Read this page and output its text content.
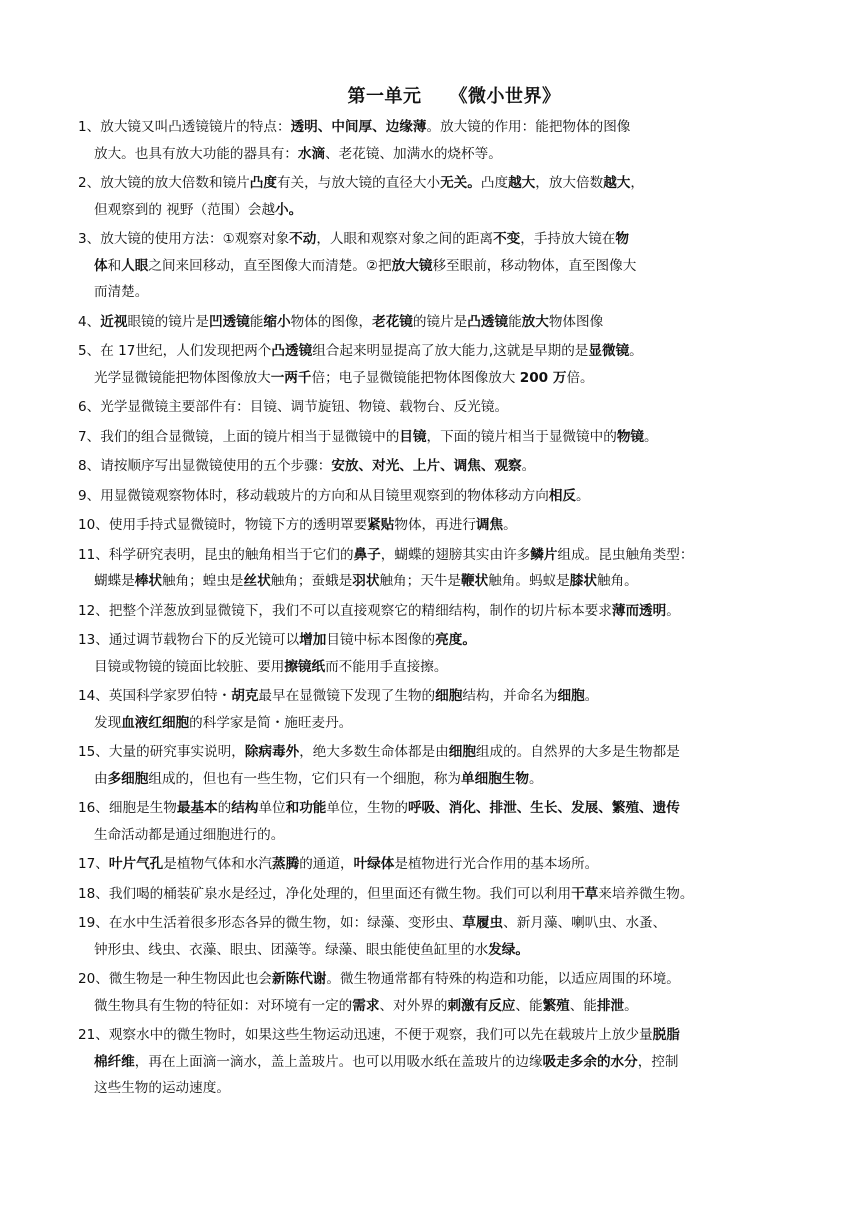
第一单元　　《微小世界》
1、放大镜又叫凸透镜镜片的特点：透明、中间厚、边缘薄。放大镜的作用：能把物体的图像
放大。也具有放大功能的器具有：水滴、老花镜、加满水的烧杯等。
2、放大镜的放大倍数和镜片凸度有关，与放大镜的直径大小无关。凸度越大，放大倍数越大，
但观察到的 视野（范围）会越小。
3、放大镜的使用方法：①观察对象不动，人眼和观察对象之间的距离不变，手持放大镜在物
体和人眼之间来回移动，直至图像大而清楚。②把放大镜移至眼前，移动物体，直至图像大
而清楚。
4、近视眼镜的镜片是凹透镜能缩小物体的图像，老花镜的镜片是凸透镜能放大物体图像
5、在 17世纪，人们发现把两个凸透镜组合起来明显提高了放大能力,这就是早期的是显微镜。
光学显微镜能把物体图像放大一两千倍；电子显微镜能把物体图像放大 200 万倍。
6、光学显微镜主要部件有：目镜、调节旋钮、物镜、载物台、反光镜。
7、我们的组合显微镜，上面的镜片相当于显微镜中的目镜，下面的镜片相当于显微镜中的物镜。
8、请按顺序写出显微镜使用的五个步骤：安放、对光、上片、调焦、观察。
9、用显微镜观察物体时，移动载玻片的方向和从目镜里观察到的物体移动方向相反。
10、使用手持式显微镜时，物镜下方的透明罩要紧贴物体，再进行调焦。
11、科学研究表明，昆虫的触角相当于它们的鼻子，蝴蝶的翅膀其实由许多鳞片组成。昆虫触角类型：
蝴蝶是棒状触角；蝗虫是丝状触角；蚕蛾是羽状触角；天牛是鞭状触角。蚂蚁是膝状触角。
12、把整个洋葱放到显微镜下，我们不可以直接观察它的精细结构，制作的切片标本要求薄而透明。
13、通过调节载物台下的反光镜可以增加目镜中标本图像的亮度。
目镜或物镜的镜面比较脏、要用擦镜纸而不能用手直接擦。
14、英国科学家罗伯特・胡克最早在显微镜下发现了生物的细胞结构，并命名为细胞。
发现血液红细胞的科学家是简・施旺麦丹。
15、大量的研究事实说明，除病毒外，绝大多数生命体都是由细胞组成的。自然界的大多是生物都是
由多细胞组成的，但也有一些生物，它们只有一个细胞，称为单细胞生物。
16、细胞是生物最基本的结构单位和功能单位，生物的呼吸、消化、排泄、生长、发展、繁殖、遗传
生命活动都是通过细胞进行的。
17、叶片气孔是植物气体和水汽蒸腾的通道，叶绿体是植物进行光合作用的基本场所。
18、我们喝的桶装矿泉水是经过，净化处理的，但里面还有微生物。我们可以利用干草来培养微生物。
19、在水中生活着很多形态各异的微生物，如：绿藻、变形虫、草履虫、新月藻、喇叭虫、水蚤、
钟形虫、线虫、衣藻、眼虫、团藻等。绿藻、眼虫能使鱼缸里的水发绿。
20、微生物是一种生物因此也会新陈代谢。微生物通常都有特殊的构造和功能，以适应周围的环境。
微生物具有生物的特征如：对环境有一定的需求、对外界的刺激有反应、能繁殖、能排泄。
21、观察水中的微生物时，如果这些生物运动迅速，不便于观察，我们可以先在载玻片上放少量脱脂
棉纤维，再在上面滴一滴水，盖上盖玻片。也可以用吸水纸在盖玻片的边缘吸走多余的水分，控制
这些生物的运动速度。
